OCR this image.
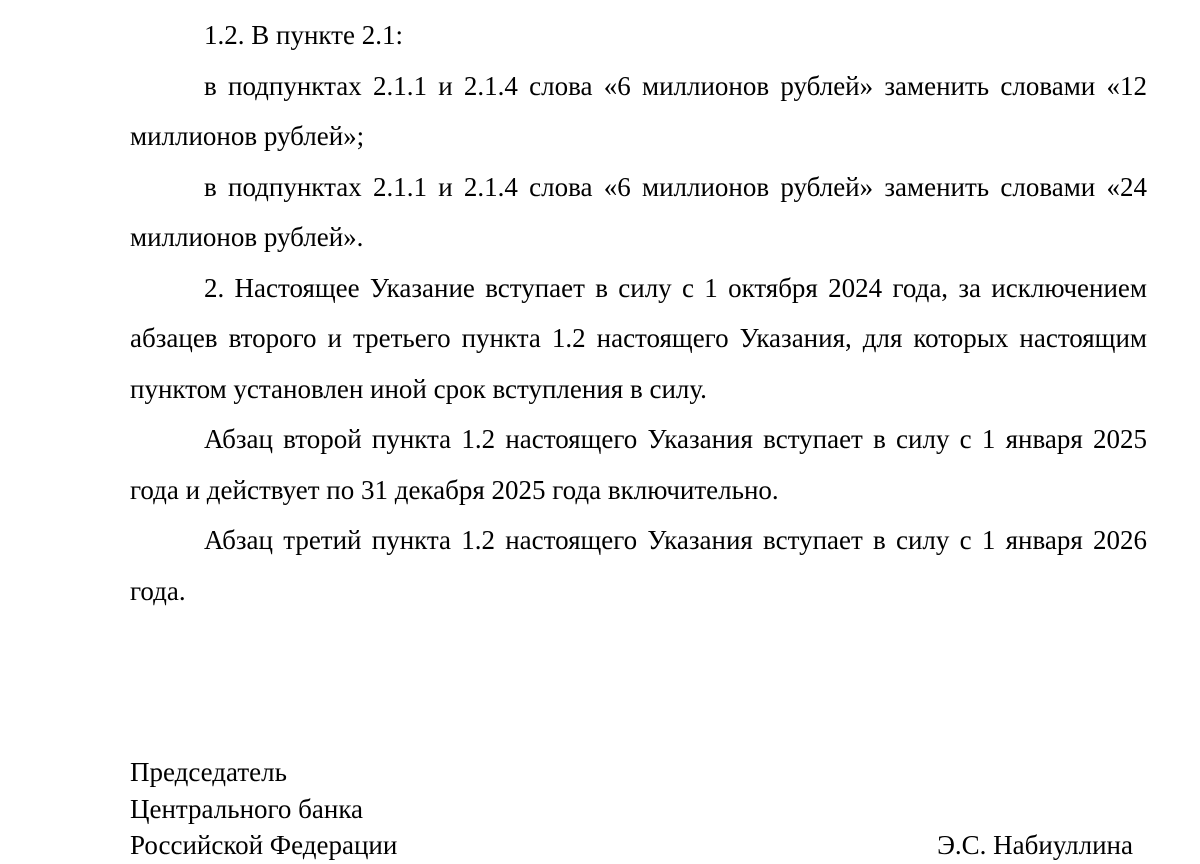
1.2. В пункте 2.1:

в подпунктах 2.1.1 и 2.1.4 слова «6 миллионов рублей» заменить словами «12 миллионов рублей»;

в подпунктах 2.1.1 и 2.1.4 слова «6 миллионов рублей» заменить словами «24 миллионов рублей».

2. Настоящее Указание вступает в силу с 1 октября 2024 года, за исключением абзацев второго и третьего пункта 1.2 настоящего Указания, для которых настоящим пунктом установлен иной срок вступления в силу.

Абзац второй пункта 1.2 настоящего Указания вступает в силу с 1 января 2025 года и действует по 31 декабря 2025 года включительно.

Абзац третий пункта 1.2 настоящего Указания вступает в силу с 1 января 2026 года.

Председатель
Центрального банка
Российской Федерации	Э.С. Набиуллина
